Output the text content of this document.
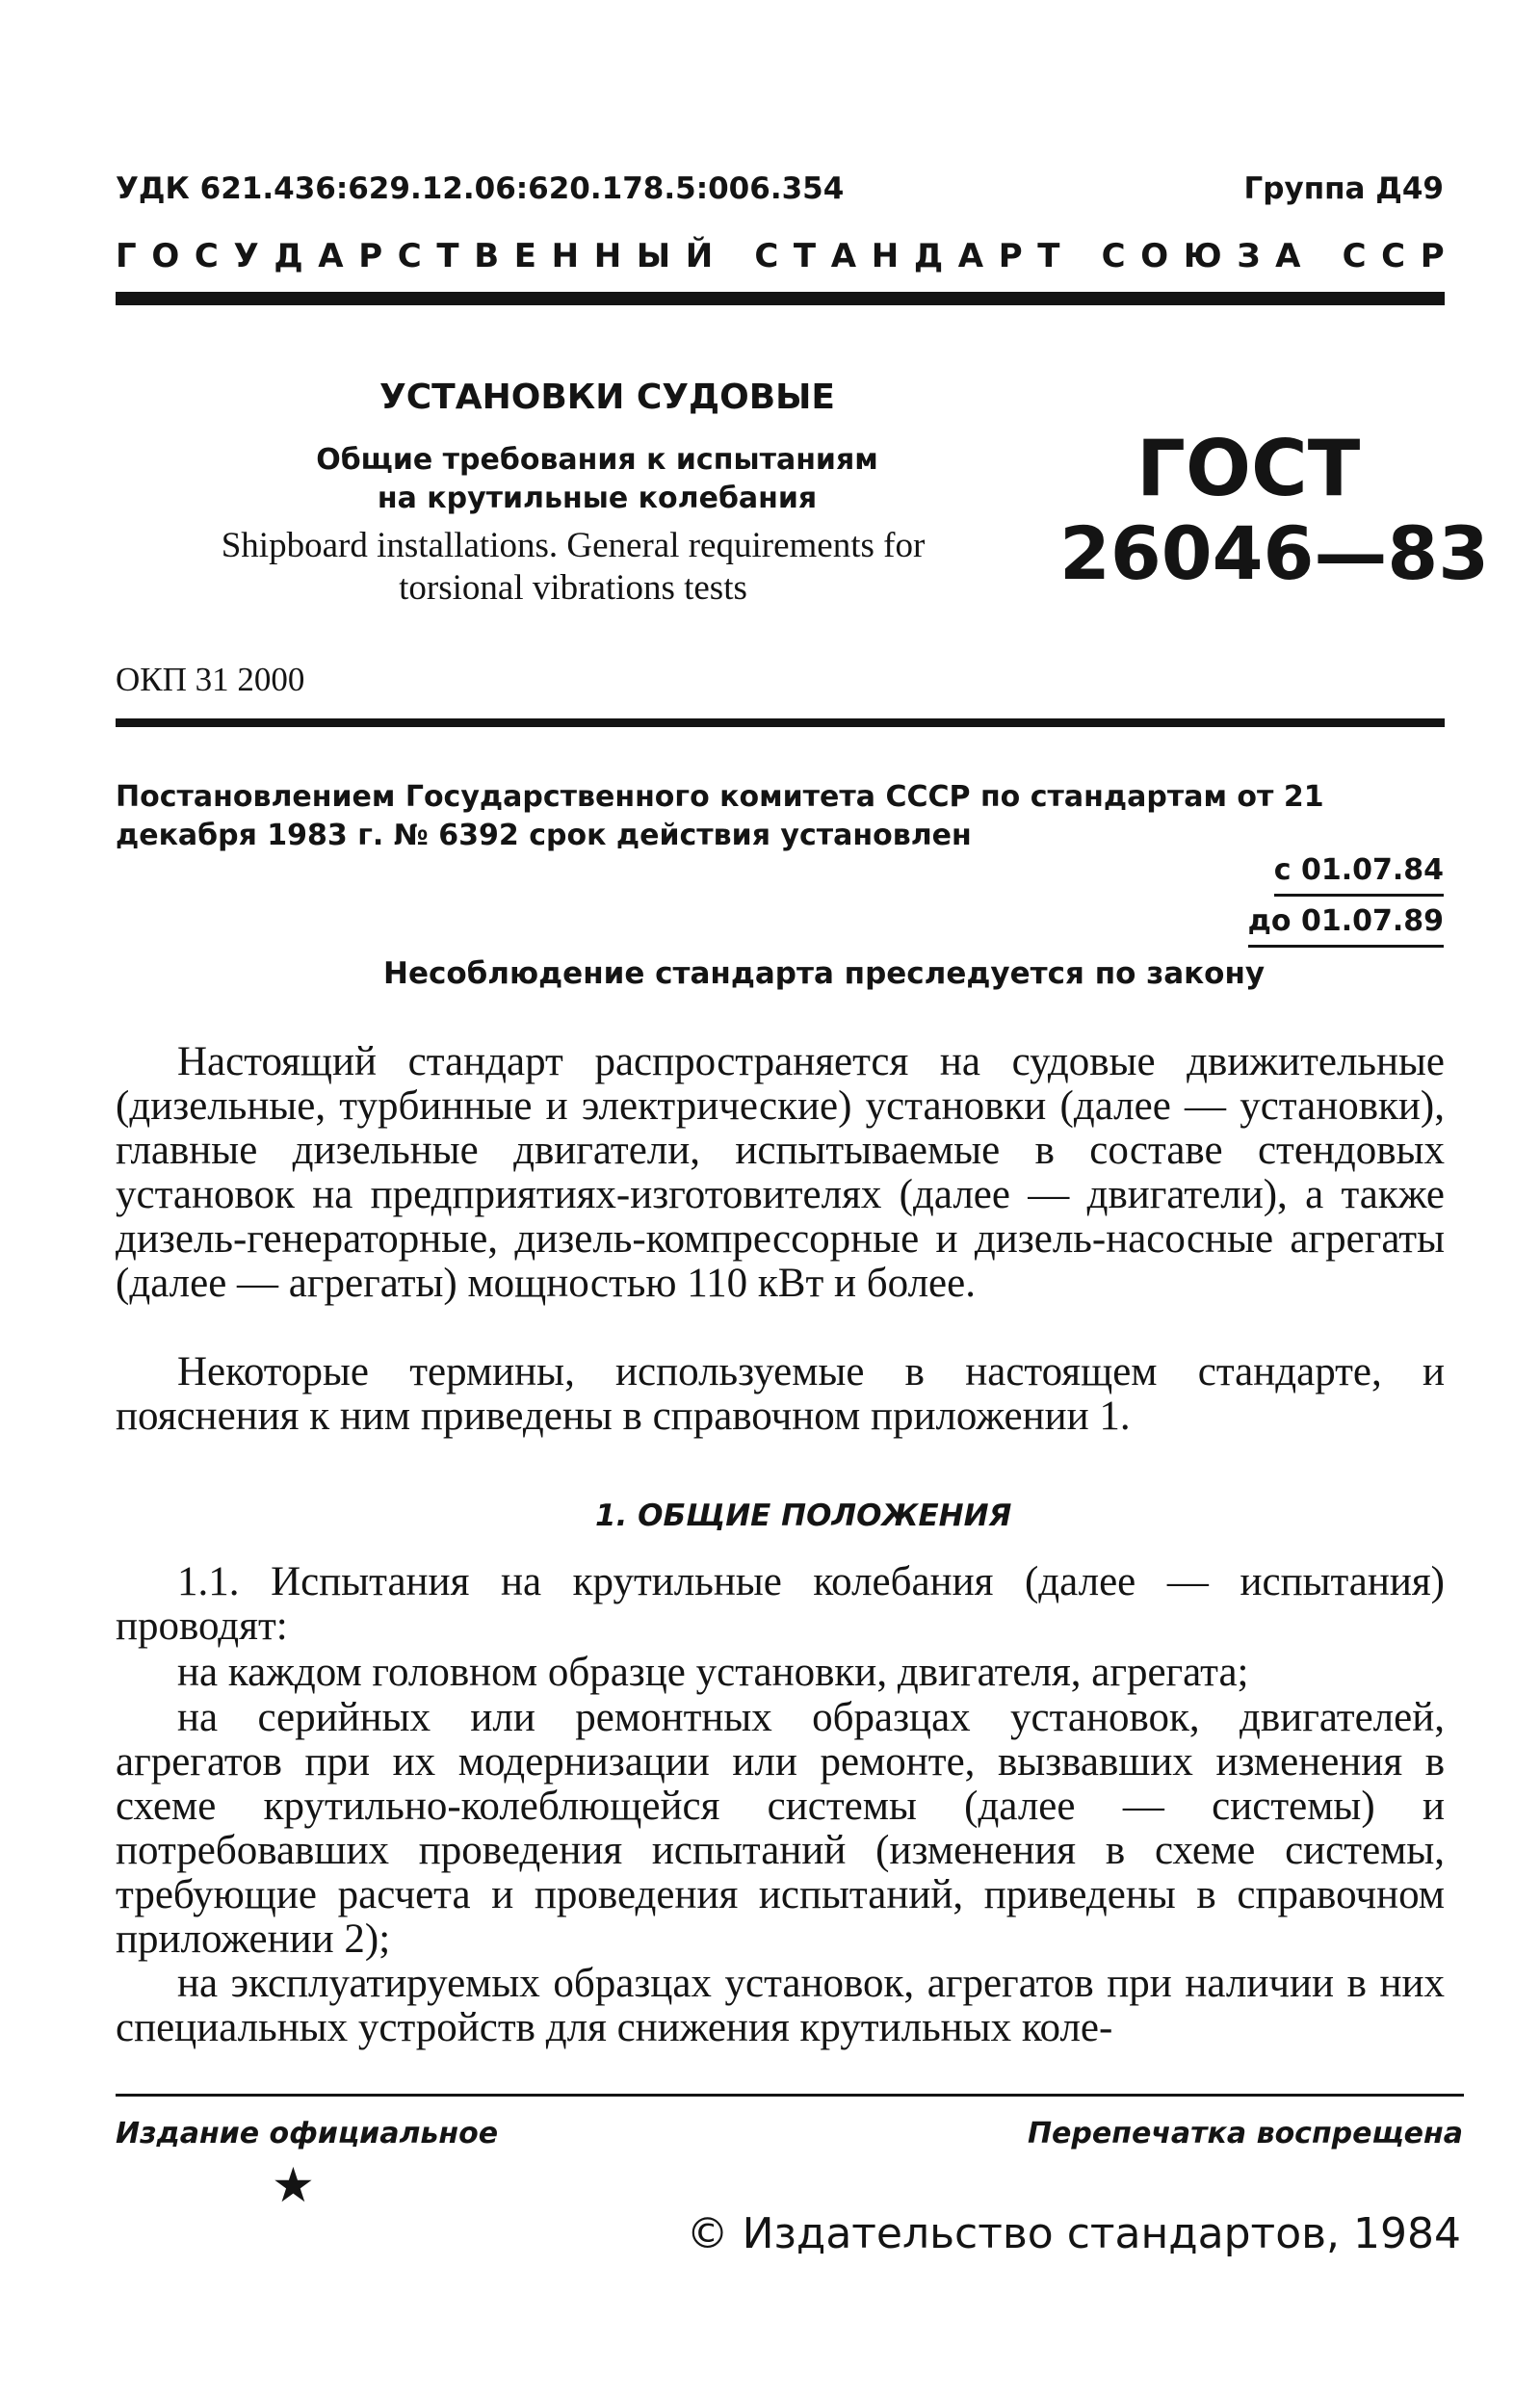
УДК 621.436:629.12.06:620.178.5:006.354	Группа Д49
Г О С У Д А Р С Т В Е Н Н Ы Й
С Т А Н Д А Р Т
С О Ю З А
С С Р
УСТАНОВКИ СУДОВЫЕ
Общие требования к испытаниям
на крутильные колебания
Shipboard installations. General requirements for
torsional vibrations tests
ГОСТ
26046—83
ОКП 31 2000
Постановлением Государственного комитета СССР по стандартам от 21 декабря 1983 г. № 6392 срок действия установлен
с 01.07.84
до 01.07.89
Несоблюдение стандарта преследуется по закону
Настоящий стандарт распространяется на судовые движительные (дизельные, турбинные и электрические) установки (далее — установки), главные дизельные двигатели, испытываемые в составе стендовых установок на предприятиях-изготовителях (далее — двигатели), а также дизель-генераторные, дизель-компрессорные и дизель-насосные агрегаты (далее — агрегаты) мощностью 110 кВт и более.
Некоторые термины, используемые в настоящем стандарте, и пояснения к ним приведены в справочном приложении 1.
1. ОБЩИЕ ПОЛОЖЕНИЯ
1.1. Испытания на крутильные колебания (далее — испытания) проводят:
на каждом головном образце установки, двигателя, агрегата;
на серийных или ремонтных образцах установок, двигателей, агрегатов при их модернизации или ремонте, вызвавших изменения в схеме крутильно-колеблющейся системы (далее — системы) и потребовавших проведения испытаний (изменения в схеме системы, требующие расчета и проведения испытаний, приведены в справочном приложении 2);
на эксплуатируемых образцах установок, агрегатов при наличии в них специальных устройств для снижения крутильных коле-
Издание официальное	Перепечатка воспрещена
★
© Издательство стандартов, 1984
